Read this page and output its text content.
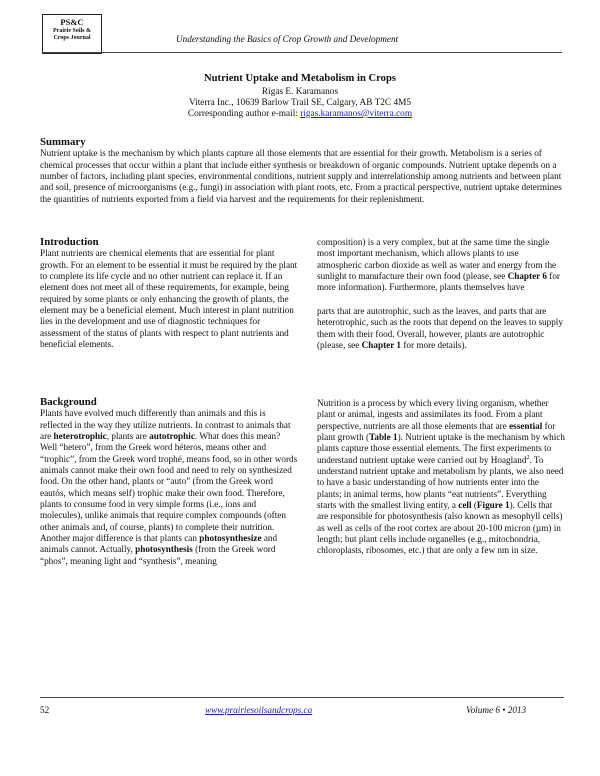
PS&C
Prairie Soils &
Crops Journal	Understanding the Basics of Crop Growth and Development
Nutrient Uptake and Metabolism in Crops
Rigas E. Karamanos
Viterra Inc., 10639 Barlow Trail SE, Calgary, AB T2C 4M5
Corresponding author e-mail: rigas.karamanos@viterra.com
Summary

Nutrient uptake is the mechanism by which plants capture all those elements that are essential for their growth. Metabolism is a series of chemical processes that occur within a plant that include either synthesis or breakdown of organic compounds. Nutrient uptake depends on a number of factors, including plant species, environmental conditions, nutrient supply and interrelationship among nutrients and between plant and soil, presence of microorganisms (e.g., fungi) in association with plant roots, etc. From a practical perspective, nutrient uptake determines the quantities of nutrients exported from a field via harvest and the requirements for their replenishment.

Introduction

Plant nutrients are chemical elements that are essential for plant growth. For an element to be essential it must be required by the plant to complete its life cycle and no other nutrient can replace it. If an element does not meet all of these requirements, for example, being required by some plants or only enhancing the growth of plants, the element may be a beneficial element. Much interest in plant nutrition lies in the development and use of diagnostic techniques for assessment of the status of plants with respect to plant nutrients and beneficial elements.

Background

Plants have evolved much differently than animals and this is reflected in the way they utilize nutrients. In contrast to animals that are heterotrophic, plants are autotrophic. What does this mean? Well “hetero”, from the Greek word héteros, means other and “trophic”, from the Greek word trophé, means food, so in other words animals cannot make their own food and need to rely on synthesized food. On the other hand, plants or “auto” (from the Greek word eautós, which means self) trophic make their own food. Therefore, plants to consume food in very simple forms (i.e., ions and molecules), unlike animals that require complex compounds (often other animals and, of course, plants) to complete their nutrition. Another major difference is that plants can photosynthesize and animals cannot. Actually, photosynthesis (from the Greek word “phos”, meaning light and “synthesis”, meaning

composition) is a very complex, but at the same time the single most important mechanism, which allows plants to use atmospheric carbon dioxide as well as water and energy from the sunlight to manufacture their own food (please, see Chapter 6 for more information). Furthermore, plants themselves have

parts that are autotrophic, such as the leaves, and parts that are heterotrophic, such as the roots that depend on the leaves to supply them with their food. Overall, however, plants are autotrophic (please, see Chapter 1 for more details).

Nutrition is a process by which every living organism, whether plant or animal, ingests and assimilates its food. From a plant perspective, nutrients are all those elements that are essential for plant growth (Table 1). Nutrient uptake is the mechanism by which plants capture those essential elements. The first experiments to understand nutrient uptake were carried out by Hoagland$^2$. To understand nutrient uptake and metabolism by plants, we also need to have a basic understanding of how nutrients enter into the plants; in animal terms, how plants “eat nutrients”. Everything starts with the smallest living entity, a cell (Figure 1). Cells that are responsible for photosynthesis (also known as mesophyll cells) as well as cells of the root cortex are about 20-100 micron (µm) in length; but plant cells include organelles (e.g., mitochondria, chloroplasts, ribosomes, etc.) that are only a few nm in size.

52	www.prairiesoilsandcrops.ca	Volume 6 • 2013
